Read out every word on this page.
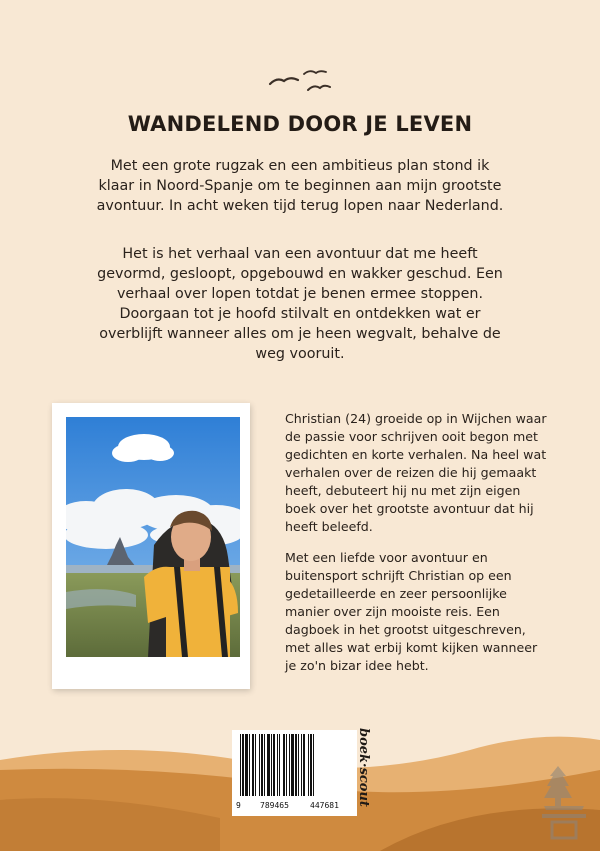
WANDELEND DOOR JE LEVEN

Met een grote rugzak en een ambitieus plan stond ik klaar in Noord-Spanje om te beginnen aan mijn grootste avontuur. In acht weken tijd terug lopen naar Nederland.

Het is het verhaal van een avontuur dat me heeft gevormd, gesloopt, opgebouwd en wakker geschud. Een verhaal over lopen totdat je benen ermee stoppen. Doorgaan tot je hoofd stilvalt en ontdekken wat er overblijft wanneer alles om je heen wegvalt, behalve de weg vooruit.

Christian (24) groeide op in Wijchen waar de passie voor schrijven ooit begon met gedichten en korte verhalen. Na heel wat verhalen over de reizen die hij gemaakt heeft, debuteert hij nu met zijn eigen boek over het grootste avontuur dat hij heeft beleefd.

Met een liefde voor avontuur en buitensport schrijft Christian op een gedetailleerde en zeer persoonlijke manier over zijn mooiste reis. Een dagboek in het grootst uitgeschreven, met alles wat erbij komt kijken wanneer je zo'n bizar idee hebt.

9 789465	447681 boek·scout
